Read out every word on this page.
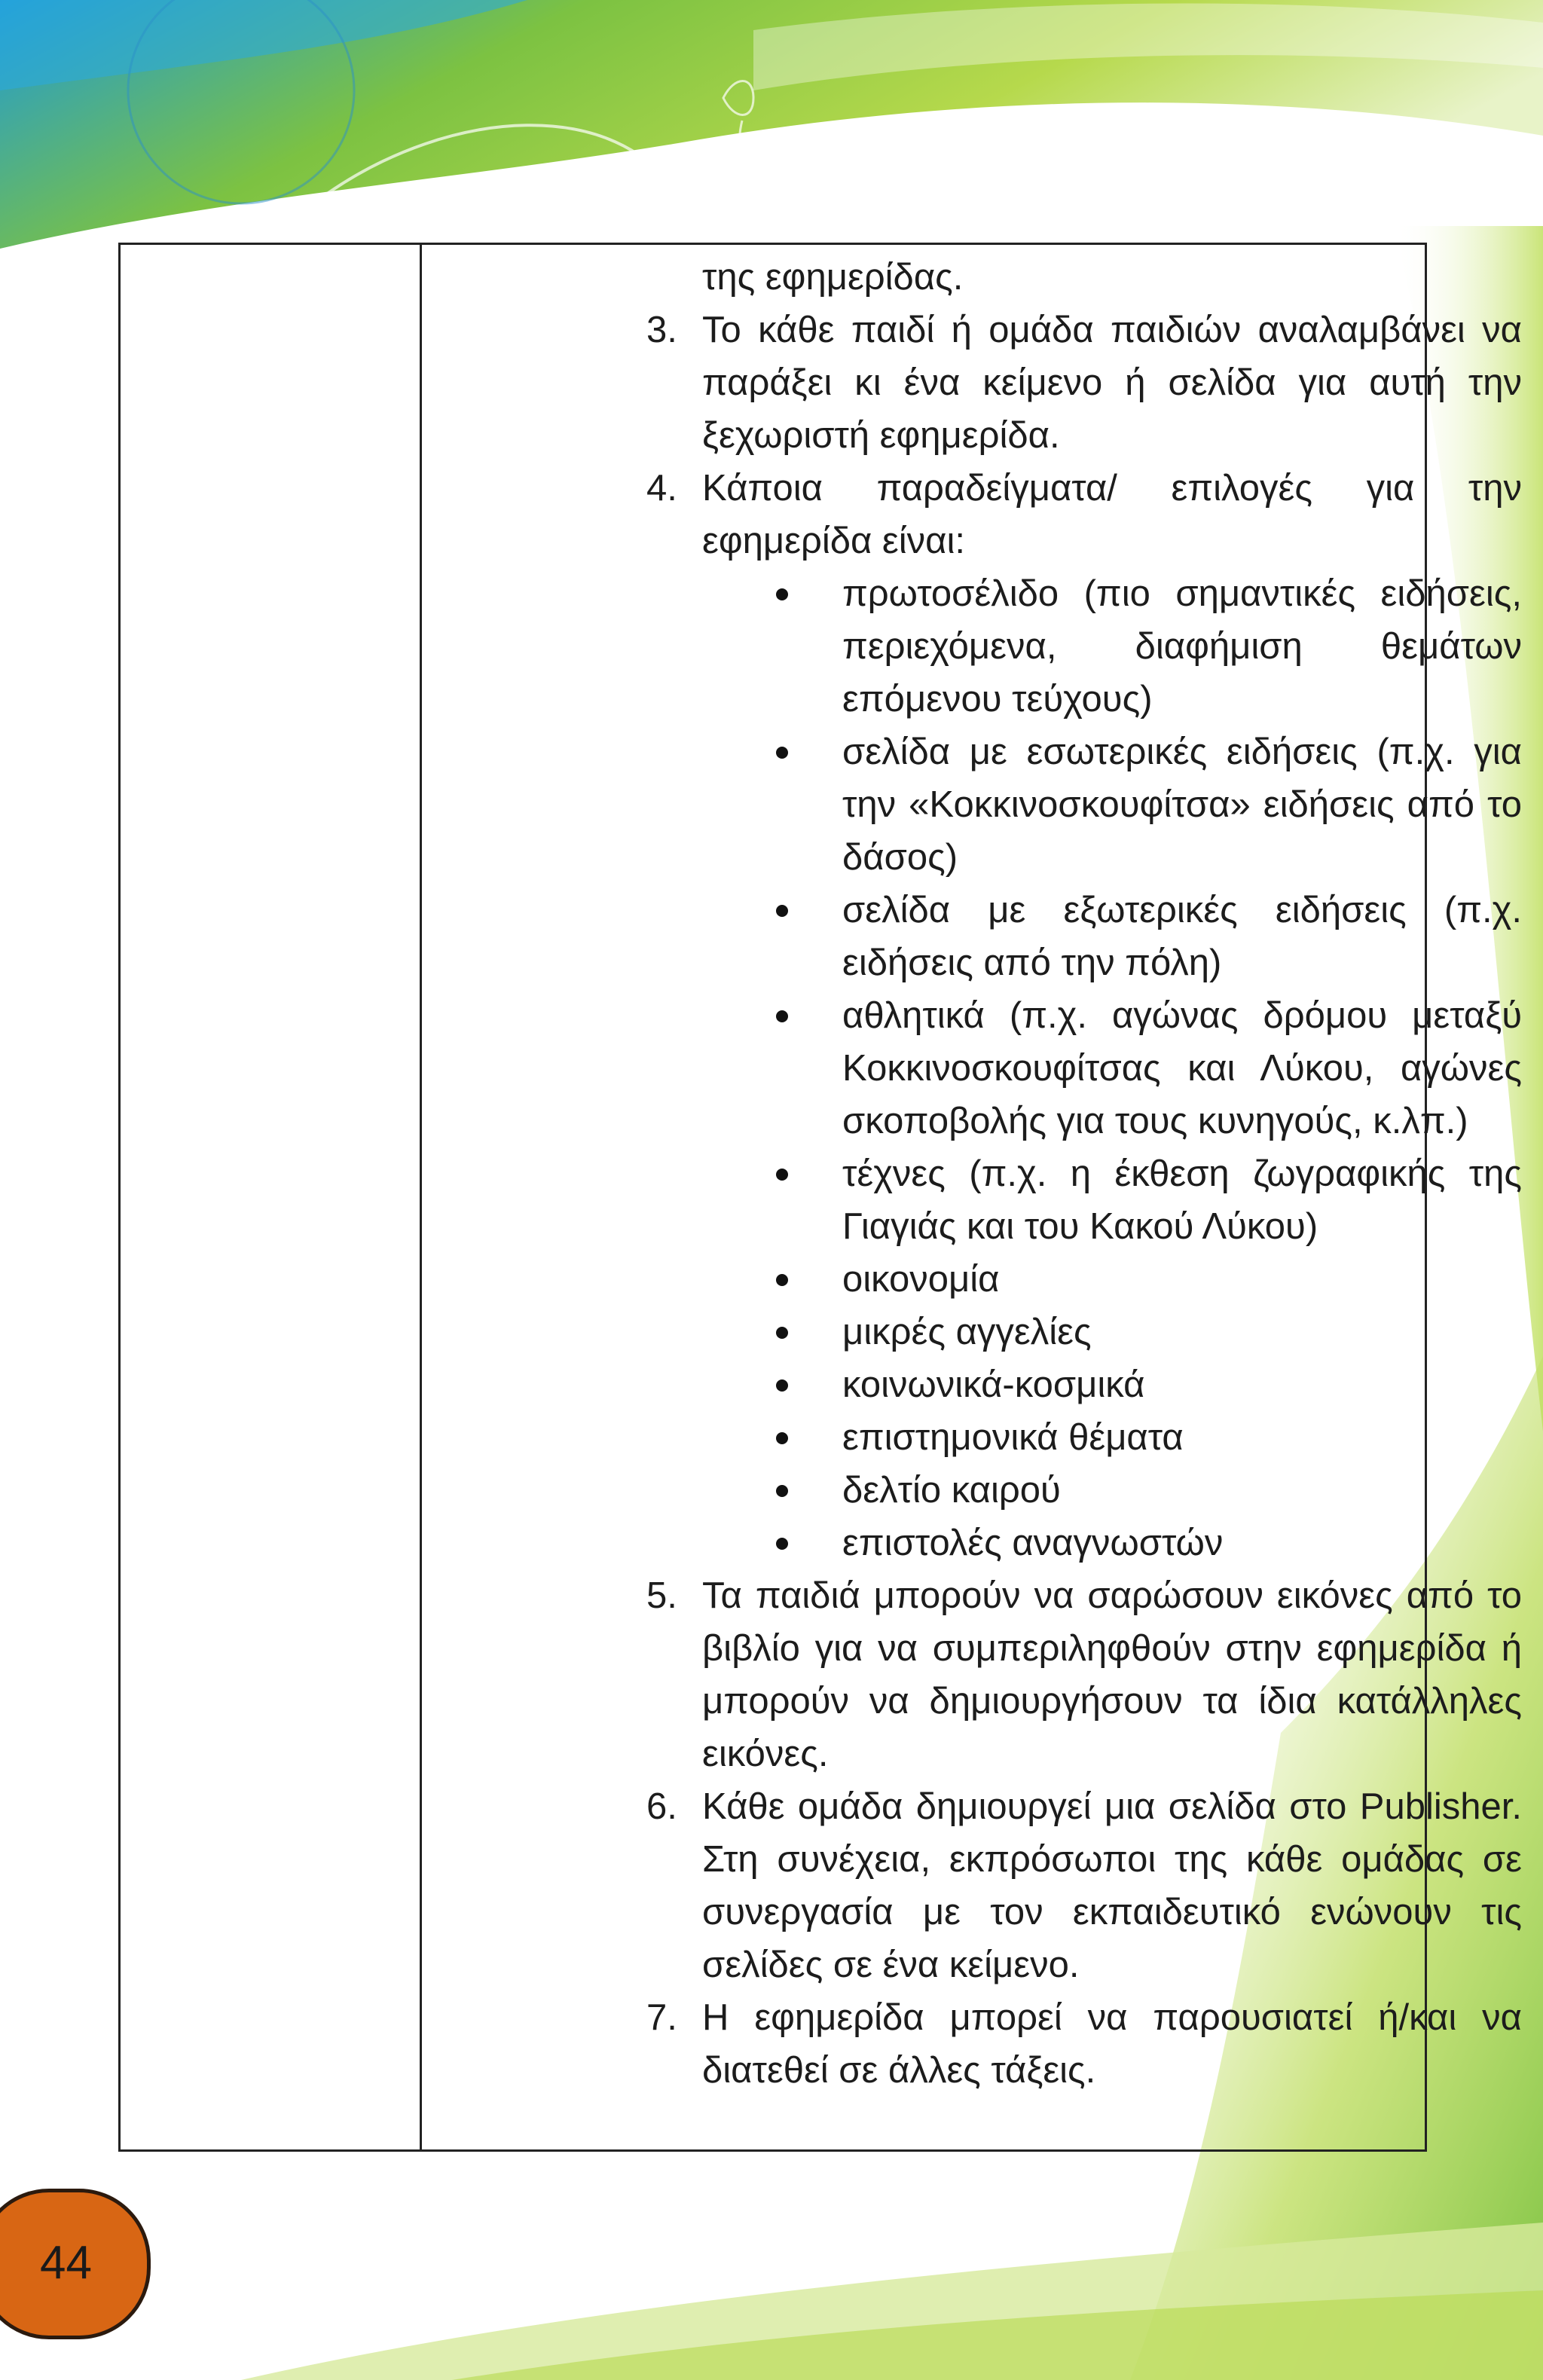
της εφημερίδας.
3. Το κάθε παιδί ή ομάδα παιδιών αναλαμβάνει να παράξει κι ένα κείμενο ή σελίδα για αυτή την ξεχωριστή εφημερίδα.
4. Κάποια παραδείγματα/ επιλογές για την εφημερίδα είναι:
πρωτοσέλιδο (πιο σημαντικές ειδήσεις, περιεχόμενα, διαφήμιση θεμάτων επόμενου τεύχους)
σελίδα με εσωτερικές ειδήσεις (π.χ. για την «Κοκκινοσκουφίτσα» ειδήσεις από το δάσος)
σελίδα με εξωτερικές ειδήσεις (π.χ. ειδήσεις από την πόλη)
αθλητικά (π.χ. αγώνας δρόμου μεταξύ Κοκκινοσκουφίτσας και Λύκου, αγώνες σκοποβολής για τους κυνηγούς, κ.λπ.)
τέχνες (π.χ. η έκθεση ζωγραφικής της Γιαγιάς και του Κακού Λύκου)
οικονομία
μικρές αγγελίες
κοινωνικά-κοσμικά
επιστημονικά θέματα
δελτίο καιρού
επιστολές αναγνωστών
5. Τα παιδιά μπορούν να σαρώσουν εικόνες από το βιβλίο για να συμπεριληφθούν στην εφημερίδα ή μπορούν να δημιουργήσουν τα ίδια κατάλληλες εικόνες.
6. Κάθε ομάδα δημιουργεί μια σελίδα στο Publisher. Στη συνέχεια, εκπρόσωποι της κάθε ομάδας σε συνεργασία με τον εκπαιδευτικό ενώνουν τις σελίδες σε ένα κείμενο.
7. Η εφημερίδα μπορεί να παρουσιατεί ή/και να διατεθεί σε άλλες τάξεις.
44
